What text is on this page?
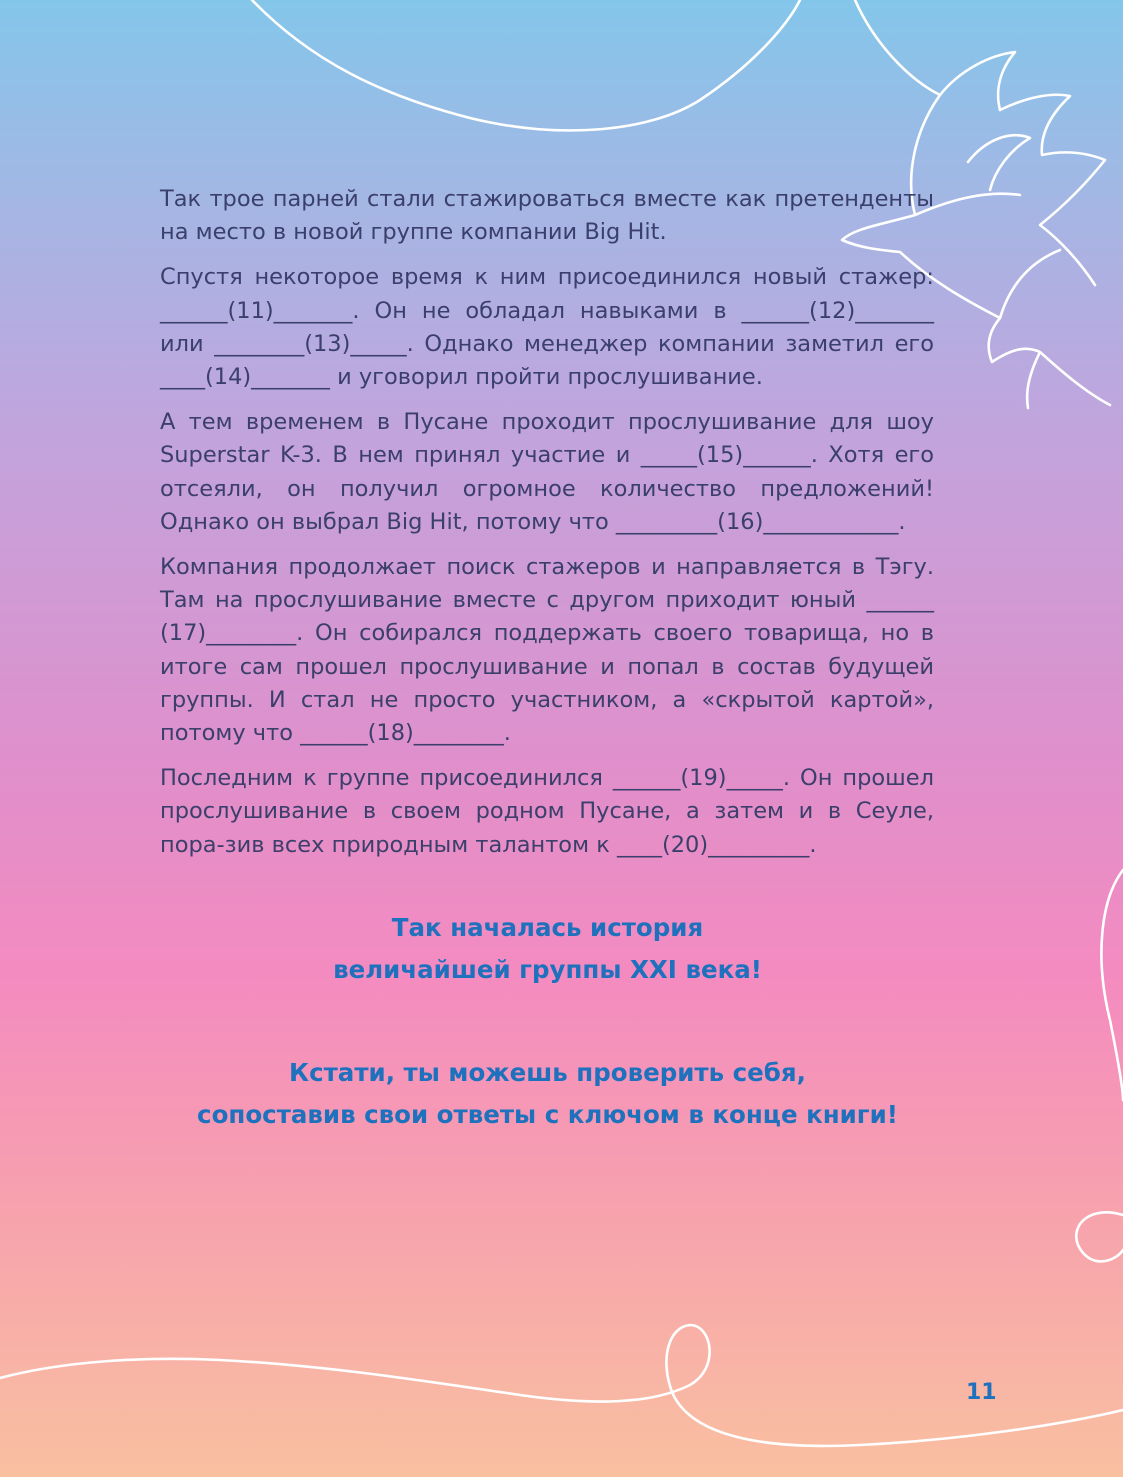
Так трое парней стали стажироваться вместе как претенденты на место в новой группе компании Big Hit.

Спустя некоторое время к ним присоединился новый стажер: ______(11)_______. Он не обладал навыками в ______(12)_______ или ________(13)_____. Однако менеджер компании заметил его ____(14)_______ и уговорил пройти прослушивание.

А тем временем в Пусане проходит прослушивание для шоу Superstar K-3. В нем принял участие и _____(15)______. Хотя его отсеяли, он получил огромное количество предложений! Однако он выбрал Big Hit, потому что _________(16)____________.

Компания продолжает поиск стажеров и направляется в Тэгу. Там на прослушивание вместе с другом приходит юный ______ (17)________. Он собирался поддержать своего товарища, но в итоге сам прошел прослушивание и попал в состав будущей группы. И стал не просто участником, а «скрытой картой», потому что ______(18)________.

Последним к группе присоединился ______(19)_____. Он прошел прослушивание в своем родном Пусане, а затем и в Сеуле, пора-зив всех природным талантом к ____(20)_________.

Так началась история
величайшей группы XXI века!
Кстати, ты можешь проверить себя,
сопоставив свои ответы с ключом в конце книги!
11
